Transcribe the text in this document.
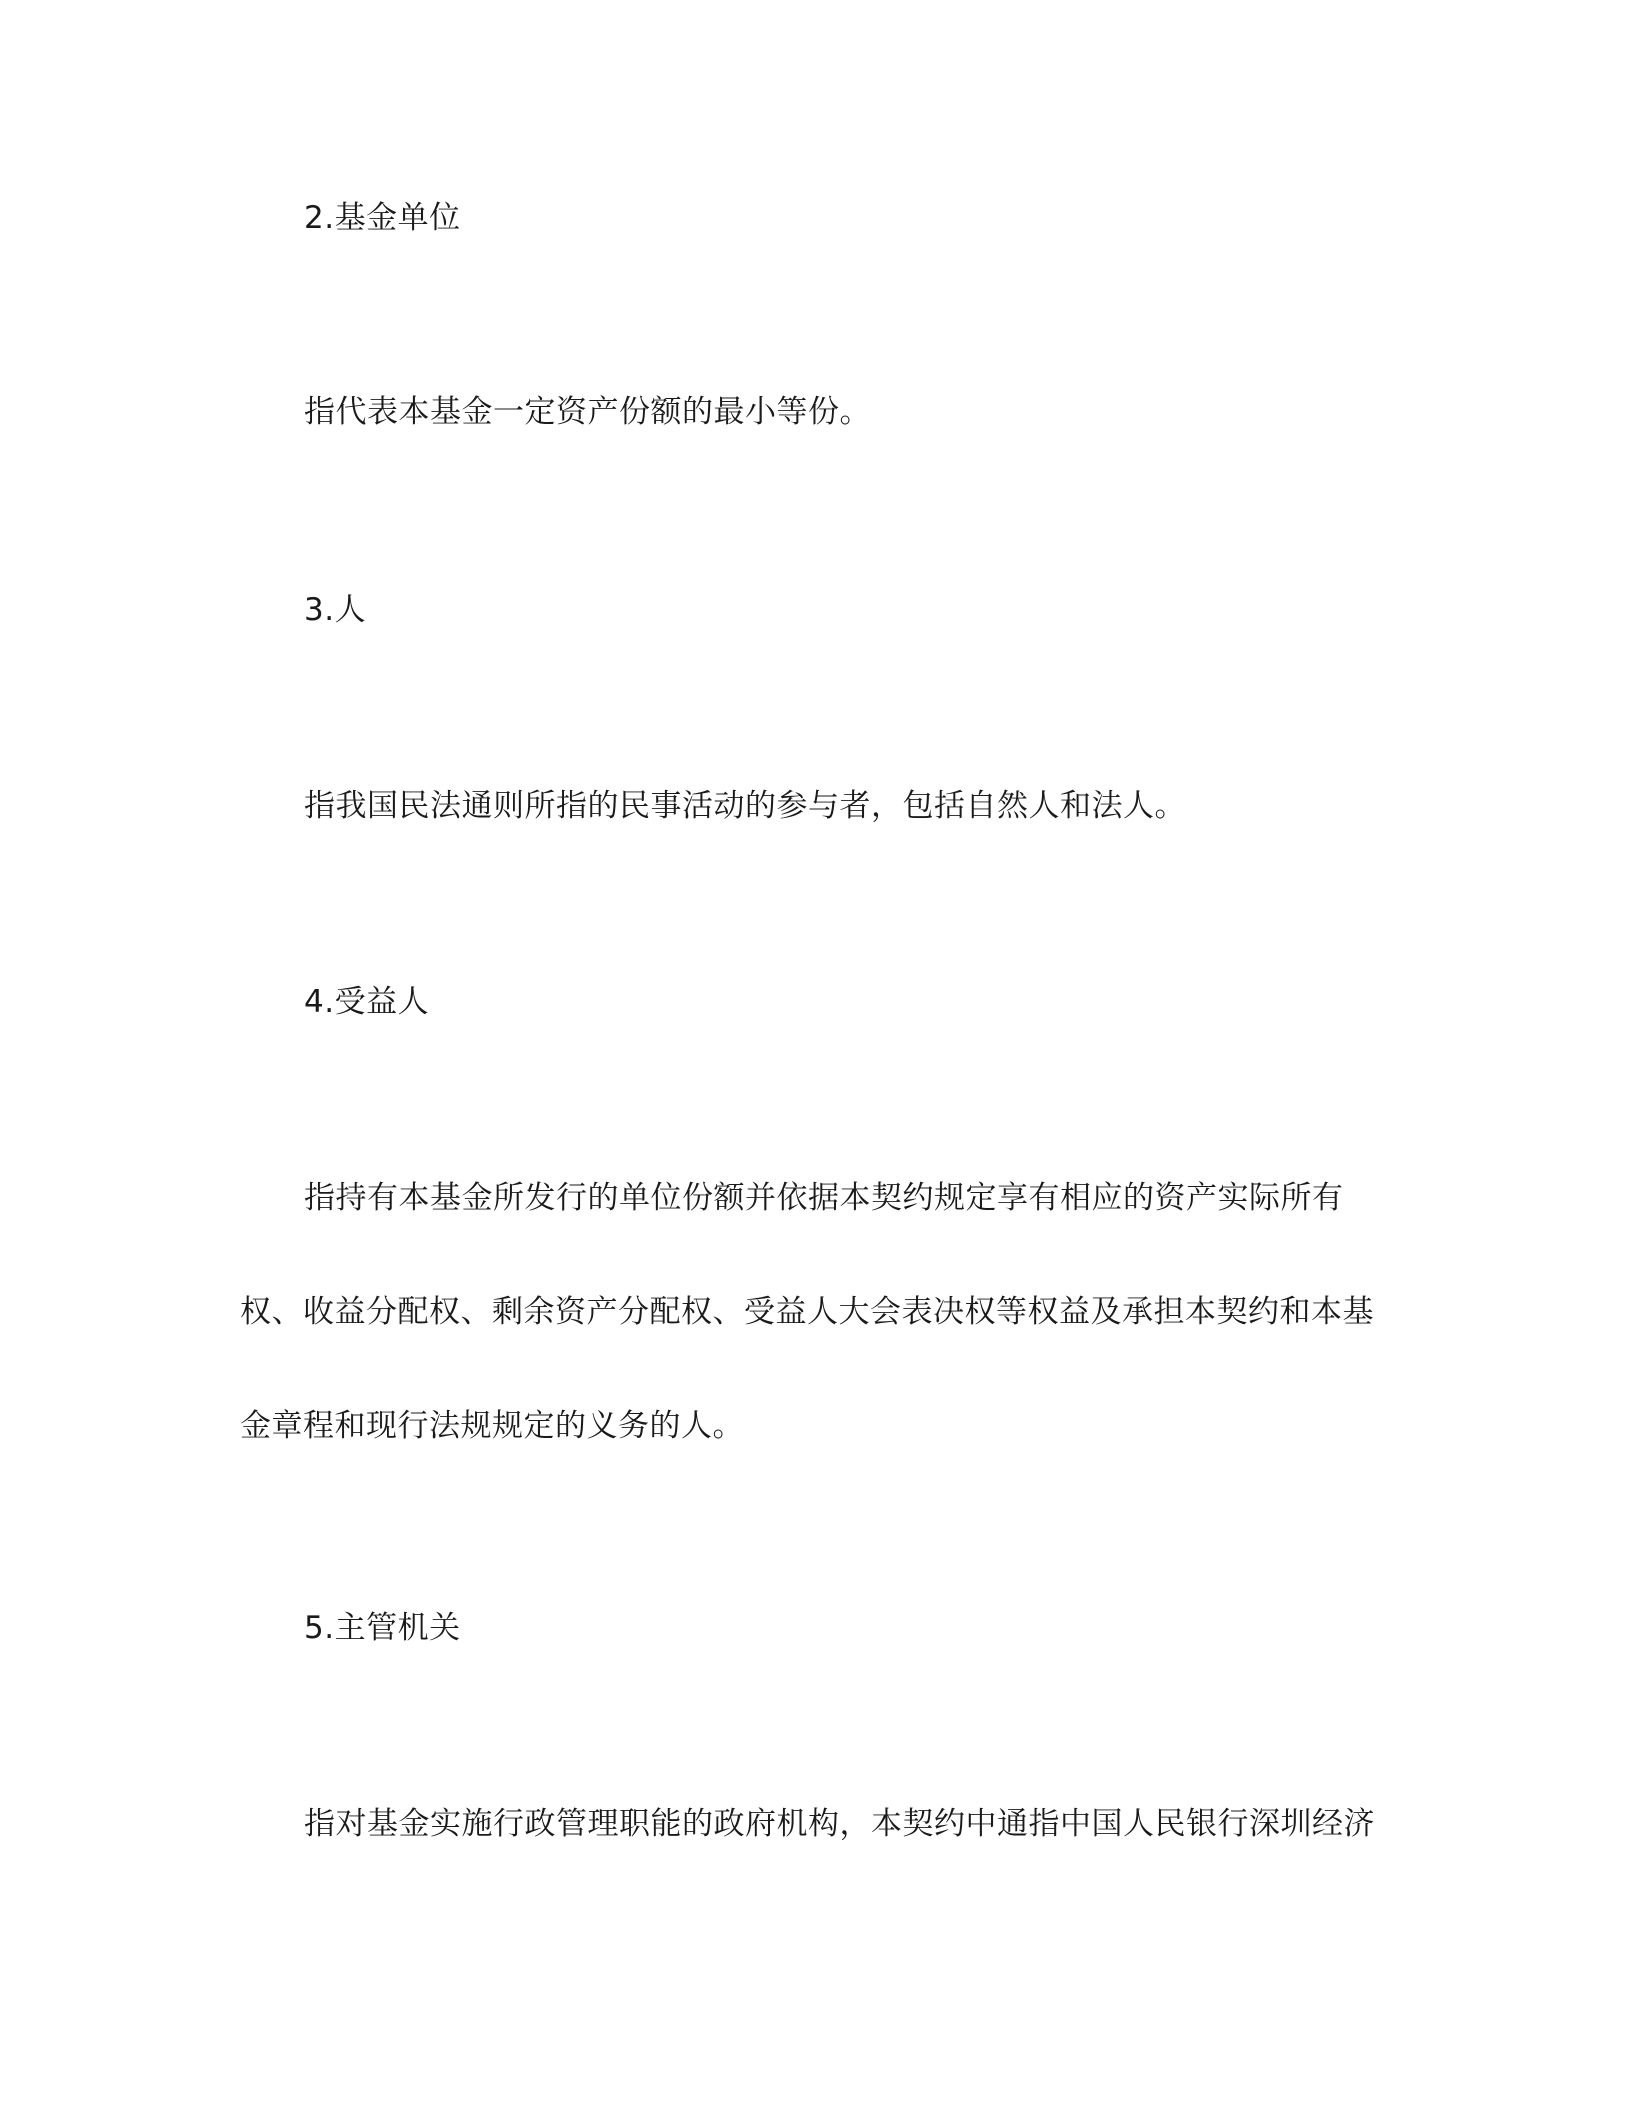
2.基金单位
指代表本基金一定资产份额的最小等份。
3.人
指我国民法通则所指的民事活动的参与者，包括自然人和法人。
4.受益人
指持有本基金所发行的单位份额并依据本契约规定享有相应的资产实际所有
权、收益分配权、剩余资产分配权、受益人大会表决权等权益及承担本契约和本基
金章程和现行法规规定的义务的人。
5.主管机关
指对基金实施行政管理职能的政府机构，本契约中通指中国人民银行深圳经济
